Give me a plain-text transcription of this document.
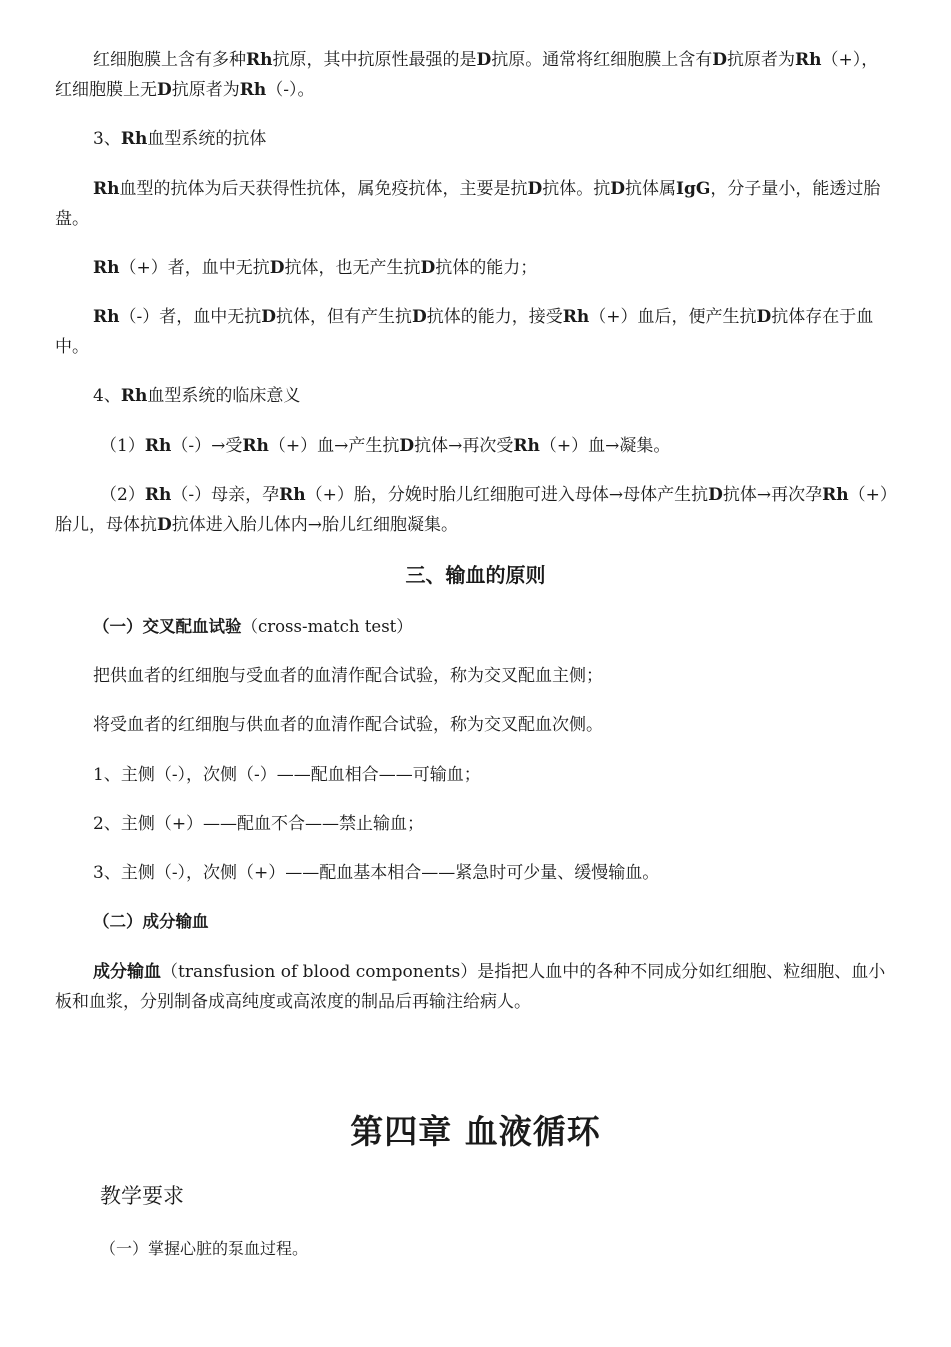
红细胞膜上含有多种Rh抗原，其中抗原性最强的是D抗原。通常将红细胞膜上含有D抗原者为Rh（+），红细胞膜上无D抗原者为Rh（-）。

3、Rh血型系统的抗体

Rh血型的抗体为后天获得性抗体，属免疫抗体，主要是抗D抗体。抗D抗体属IgG，分子量小，能透过胎盘。

Rh（+）者，血中无抗D抗体，也无产生抗D抗体的能力；

Rh（-）者，血中无抗D抗体，但有产生抗D抗体的能力，接受Rh（+）血后，便产生抗D抗体存在于血中。

4、Rh血型系统的临床意义

（1）Rh（-）→受Rh（+）血→产生抗D抗体→再次受Rh（+）血→凝集。

（2）Rh（-）母亲，孕Rh（+）胎，分娩时胎儿红细胞可进入母体→母体产生抗D抗体→再次孕Rh（+）胎儿，母体抗D抗体进入胎儿体内→胎儿红细胞凝集。

三、输血的原则
（一）交叉配血试验（cross-match test）

把供血者的红细胞与受血者的血清作配合试验，称为交叉配血主侧；

将受血者的红细胞与供血者的血清作配合试验，称为交叉配血次侧。

1、主侧（-），次侧（-）——配血相合——可输血；

2、主侧（+）——配血不合——禁止输血；

3、主侧（-），次侧（+）——配血基本相合——紧急时可少量、缓慢输血。

（二）成分输血

成分输血（transfusion of blood components）是指把人血中的各种不同成分如红细胞、粒细胞、血小板和血浆，分别制备成高纯度或高浓度的制品后再输注给病人。

第四章 血液循环
教学要求

（一）掌握心脏的泵血过程。
